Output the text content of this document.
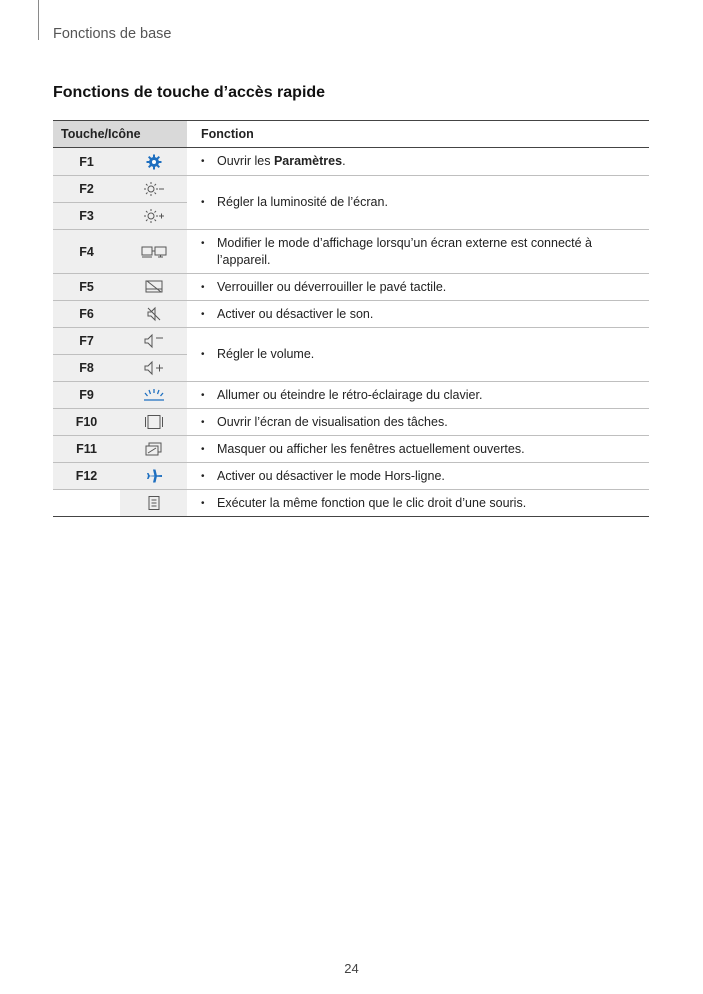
Fonctions de base
Fonctions de touche d’accès rapide
Touche/Icône		Fonction
F1		• Ouvrir les Paramètres.

F2		• Régler la luminosité de l’écran.

F3	
F4		• Modifier le mode d’affichage lorsqu’un écran externe est connecté à l’appareil.

F5		• Verrouiller ou déverrouiller le pavé tactile.

F6		• Activer ou désactiver le son.

F7		• Régler le volume.

F8	
F9		• Allumer ou éteindre le rétro-éclairage du clavier.

F10		• Ouvrir l’écran de visualisation des tâches.

F11		• Masquer ou afficher les fenêtres actuellement ouvertes.

F12		• Activer ou désactiver le mode Hors-ligne.

• Exécuter la même fonction que le clic droit d’une souris.
24
